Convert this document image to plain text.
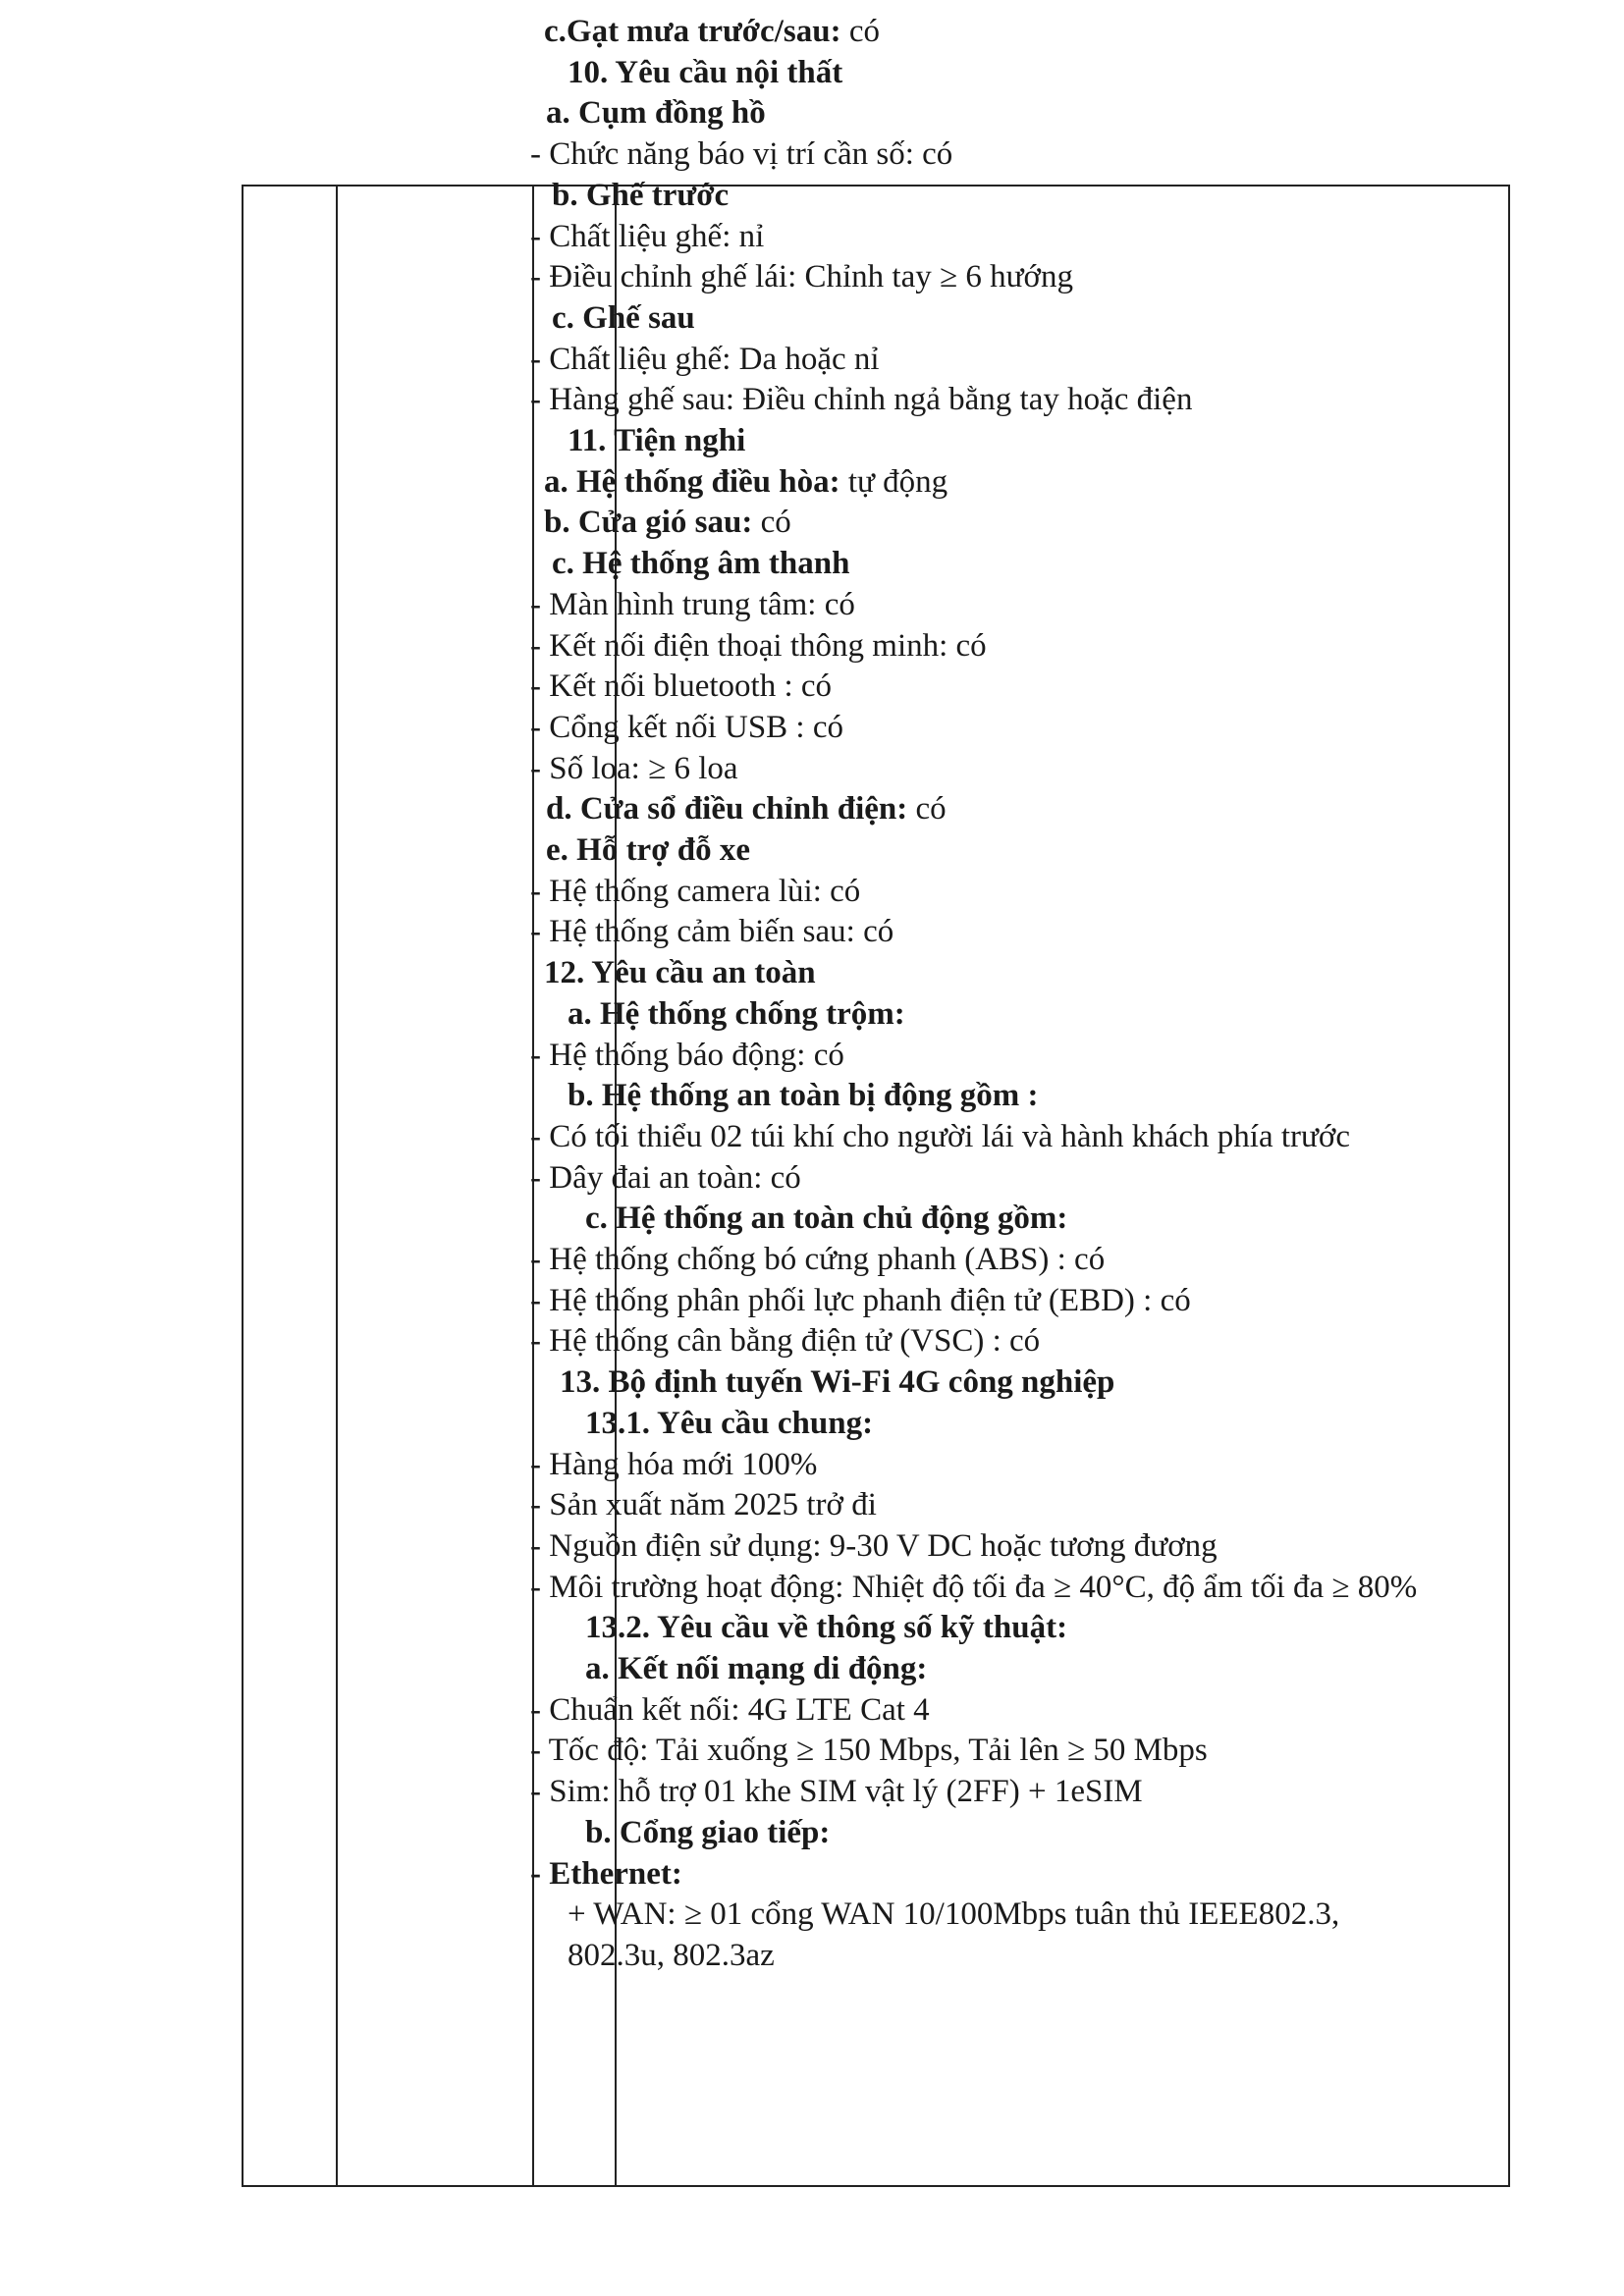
c.Gạt mưa trước/sau: có
10. Yêu cầu nội thất
a. Cụm đồng hồ
- Chức năng báo vị trí cần số: có
b. Ghế trước
- Chất liệu ghế: nỉ
- Điều chỉnh ghế lái: Chỉnh tay ≥ 6 hướng
c. Ghế sau
- Chất liệu ghế: Da hoặc nỉ
- Hàng ghế sau: Điều chỉnh ngả bằng tay hoặc điện
11. Tiện nghi
a. Hệ thống điều hòa: tự động
b. Cửa gió sau: có
c. Hệ thống âm thanh
- Màn hình trung tâm: có
- Kết nối điện thoại thông minh: có
- Kết nối bluetooth : có
- Cổng kết nối USB : có
- Số loa: ≥ 6 loa
d. Cửa sổ điều chỉnh điện: có
e. Hỗ trợ đỗ xe
- Hệ thống camera lùi: có
- Hệ thống cảm biến sau: có
12. Yêu cầu an toàn
a. Hệ thống chống trộm:
- Hệ thống báo động: có
b. Hệ thống an toàn bị động gồm :
- Có tối thiểu 02 túi khí cho người lái và hành khách phía trước
- Dây đai an toàn: có
c. Hệ thống an toàn chủ động gồm:
- Hệ thống chống bó cứng phanh (ABS) : có
- Hệ thống phân phối lực phanh điện tử (EBD) : có
- Hệ thống cân bằng điện tử (VSC) : có
13. Bộ định tuyến Wi-Fi 4G công nghiệp
13.1. Yêu cầu chung:
- Hàng hóa mới 100%
- Sản xuất năm 2025 trở đi
- Nguồn điện sử dụng: 9-30 V DC hoặc tương đương
- Môi trường hoạt động: Nhiệt độ tối đa ≥ 40°C, độ ẩm tối đa ≥ 80%
13.2. Yêu cầu về thông số kỹ thuật:
a. Kết nối mạng di động:
- Chuẩn kết nối: 4G LTE Cat 4
- Tốc độ: Tải xuống ≥ 150 Mbps, Tải lên ≥ 50 Mbps
- Sim: hỗ trợ 01 khe SIM vật lý (2FF) + 1eSIM
b. Cổng giao tiếp:
- Ethernet:
+ WAN: ≥ 01 cổng WAN 10/100Mbps tuân thủ IEEE802.3,
802.3u, 802.3az
